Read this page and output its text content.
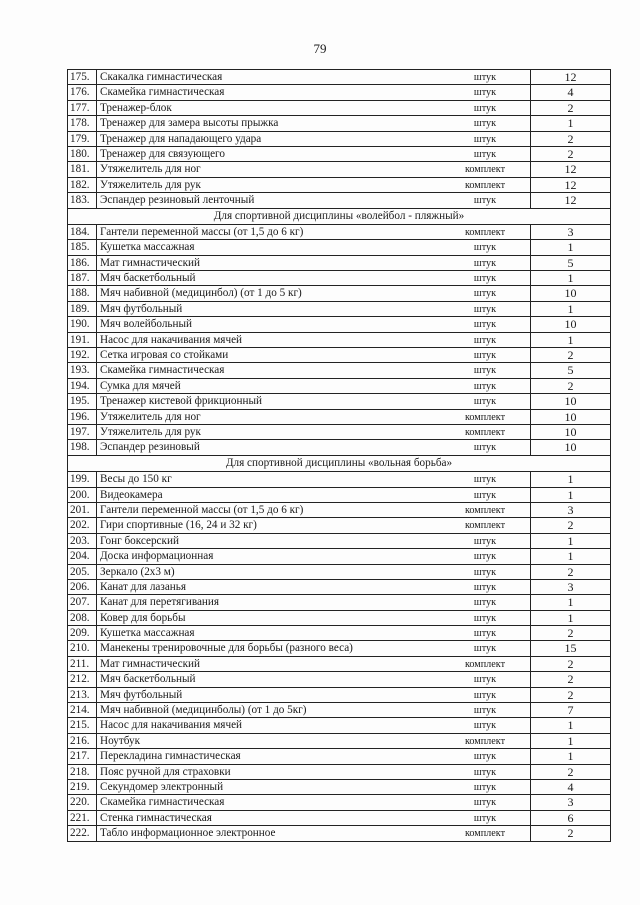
79
175. Скакалка гимнастическая	штук	12
176. Скамейка гимнастическая	штук	4
177. Тренажер-блок	штук	2
178. Тренажер для замера высоты прыжка	штук	1
179. Тренажер для нападающего удара	штук	2
180. Тренажер для связующего	штук	2
181. Утяжелитель для ног	комплект	12
182. Утяжелитель для рук	комплект	12
183. Эспандер резиновый ленточный	штук	12
Для спортивной дисциплины «волейбол - пляжный»
184. Гантели переменной массы (от 1,5 до 6 кг)	комплект	3
185. Кушетка массажная	штук	1
186. Мат гимнастический	штук	5
187. Мяч баскетбольный	штук	1
188. Мяч набивной (медицинбол) (от 1 до 5 кг)	штук	10
189. Мяч футбольный	штук	1
190. Мяч волейбольный	штук	10
191. Насос для накачивания мячей	штук	1
192. Сетка игровая со стойками	штук	2
193. Скамейка гимнастическая	штук	5
194. Сумка для мячей	штук	2
195. Тренажер кистевой фрикционный	штук	10
196. Утяжелитель для ног	комплект	10
197. Утяжелитель для рук	комплект	10
198. Эспандер резиновый	штук	10
Для спортивной дисциплины «вольная борьба»
199. Весы до 150 кг	штук	1
200. Видеокамера	штук	1
201. Гантели переменной массы (от 1,5 до 6 кг)	комплект	3
202. Гири спортивные (16, 24 и 32 кг)	комплект	2
203. Гонг боксерский	штук	1
204. Доска информационная	штук	1
205. Зеркало (2х3 м)	штук	2
206. Канат для лазанья	штук	3
207. Канат для перетягивания	штук	1
208. Ковер для борьбы	штук	1
209. Кушетка массажная	штук	2
210. Манекены тренировочные для борьбы (разного веса)	штук	15
211. Мат гимнастический	комплект	2
212. Мяч баскетбольный	штук	2
213. Мяч футбольный	штук	2
214. Мяч набивной (медицинболы) (от 1 до 5кг)	штук	7
215. Насос для накачивания мячей	штук	1
216. Ноутбук	комплект	1
217. Перекладина гимнастическая	штук	1
218. Пояс ручной для страховки	штук	2
219. Секундомер электронный	штук	4
220. Скамейка гимнастическая	штук	3
221. Стенка гимнастическая	штук	6
222. Табло информационное электронное	комплект	2
